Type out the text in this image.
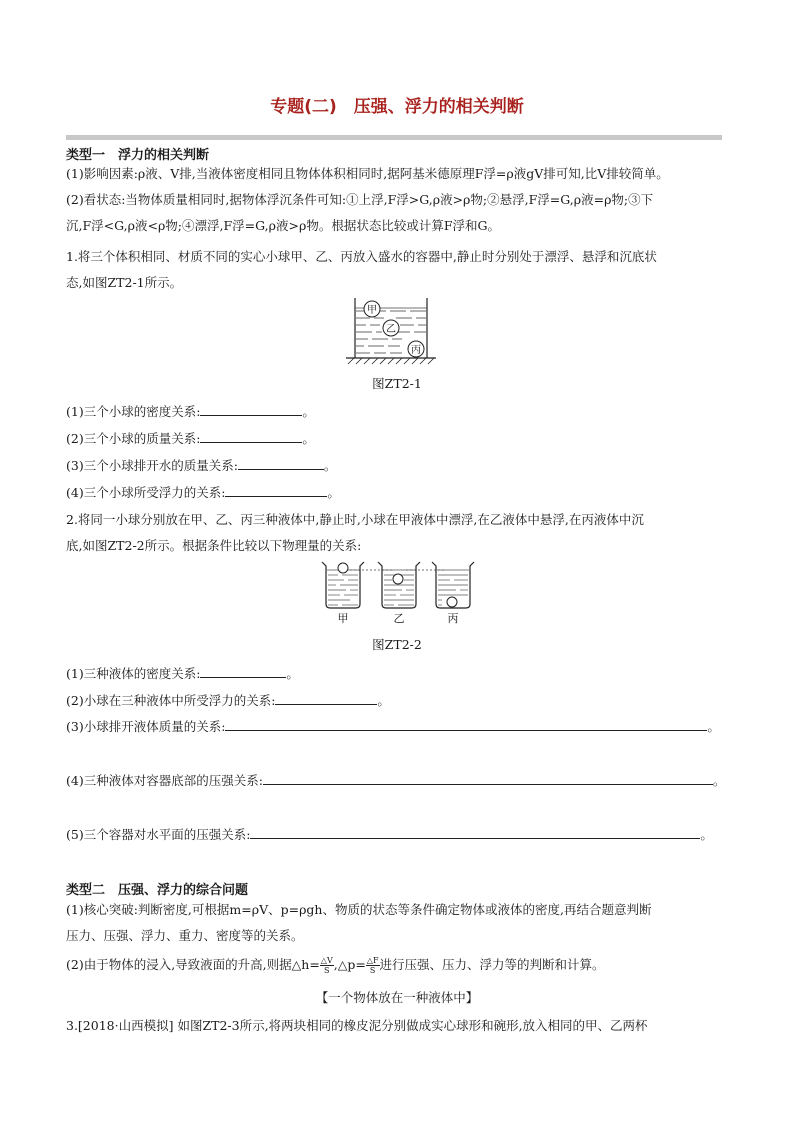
专题(二)　压强、浮力的相关判断
类型一　浮力的相关判断
(1)影响因素:ρ液、V排,当液体密度相同且物体体积相同时,据阿基米德原理F浮=ρ液gV排可知,比V排较简单。
(2)看状态:当物体质量相同时,据物体浮沉条件可知:①上浮,F浮>G,ρ液>ρ物;②悬浮,F浮=G,ρ液=ρ物;③下
沉,F浮<G,ρ液<ρ物;④漂浮,F浮=G,ρ液>ρ物。根据状态比较或计算F浮和G。
1.将三个体积相同、材质不同的实心小球甲、乙、丙放入盛水的容器中,静止时分别处于漂浮、悬浮和沉底状
态,如图ZT2-1所示。
甲
乙
丙
图ZT2-1
(1)三个小球的密度关系:	。
(2)三个小球的质量关系:	。
(3)三个小球排开水的质量关系:	。
(4)三个小球所受浮力的关系:	。
2.将同一小球分别放在甲、乙、丙三种液体中,静止时,小球在甲液体中漂浮,在乙液体中悬浮,在丙液体中沉
底,如图ZT2-2所示。根据条件比较以下物理量的关系:
甲	乙	丙
图ZT2-2
(1)三种液体的密度关系:	。
(2)小球在三种液体中所受浮力的关系:	。
(3)小球排开液体质量的关系:	。
(4)三种液体对容器底部的压强关系:	。
(5)三个容器对水平面的压强关系:	。
类型二　压强、浮力的综合问题
(1)核心突破:判断密度,可根据m=ρV、p=ρgh、物质的状态等条件确定物体或液体的密度,再结合题意判断
压力、压强、浮力、重力、密度等的关系。
(2)由于物体的浸入,导致液面的升高,则据△h= $\frac{\triangle V}{S}$ ,△p= $\frac{\triangle F}{S}$ 进行压强、压力、浮力等的判断和计算。
【一个物体放在一种液体中】
3.[2018·山西模拟] 如图ZT2-3所示,将两块相同的橡皮泥分别做成实心球形和碗形,放入相同的甲、乙两杯
